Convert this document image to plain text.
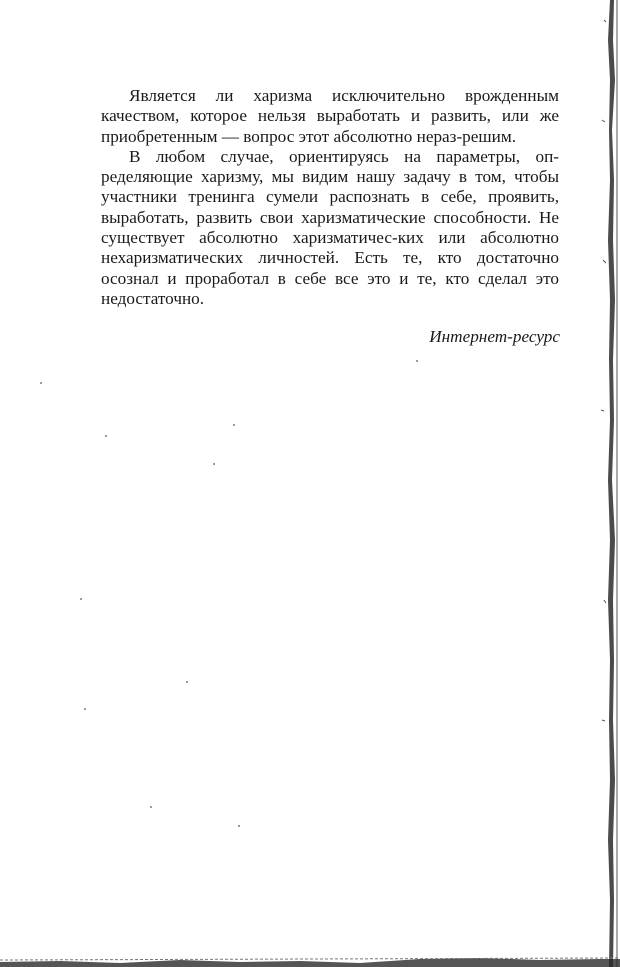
Является ли харизма исключительно врожденным качеством, которое нельзя выработать и развить, или же приобретенным — вопрос этот абсолютно нераз-решим.

В любом случае, ориентируясь на параметры, оп-ределяющие харизму, мы видим нашу задачу в том, чтобы участники тренинга сумели распознать в себе, проявить, выработать, развить свои харизматические способности. Не существует абсолютно харизматичес-ких или абсолютно нехаризматических личностей. Есть те, кто достаточно осознал и проработал в себе все это и те, кто сделал это недостаточно.

Интернет-ресурс
